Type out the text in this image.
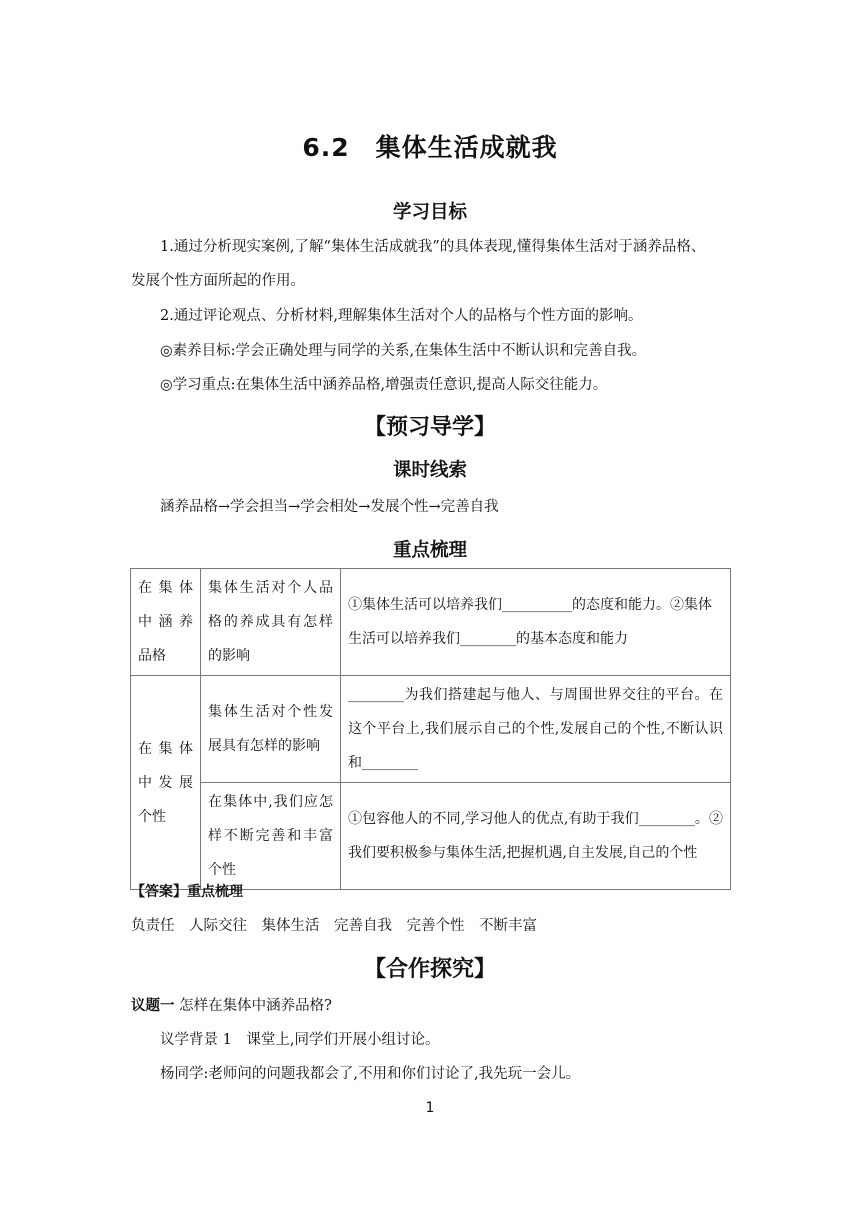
6.2　集体生活成就我
学习目标
1.通过分析现实案例,了解“集体生活成就我”的具体表现,懂得集体生活对于涵养品格、
发展个性方面所起的作用。
2.通过评论观点、分析材料,理解集体生活对个人的品格与个性方面的影响。
◎素养目标:学会正确处理与同学的关系,在集体生活中不断认识和完善自我。
◎学习重点:在集体生活中涵养品格,增强责任意识,提高人际交往能力。
【预习导学】
课时线索
涵养品格→学会担当→学会相处→发展个性→完善自我
重点梳理
在集体中涵养品格	集体生活对个人品格的养成具有怎样的影响	①集体生活可以培养我们__________的态度和能力。②集体生活可以培养我们________的基本态度和能力
在集体中发展个性	集体生活对个性发展具有怎样的影响	________为我们搭建起与他人、与周围世界交往的平台。在这个平台上,我们展示自己的个性,发展自己的个性,不断认识和________
	在集体中,我们应怎样不断完善和丰富个性	①包容他人的不同,学习他人的优点,有助于我们________。②我们要积极参与集体生活,把握机遇,自主发展,自己的个性
【答案】重点梳理
负责任　人际交往　集体生活　完善自我　完善个性　不断丰富
【合作探究】
议题一 怎样在集体中涵养品格?
议学背景 1　课堂上,同学们开展小组讨论。
杨同学:老师问的问题我都会了,不用和你们讨论了,我先玩一会儿。
1
